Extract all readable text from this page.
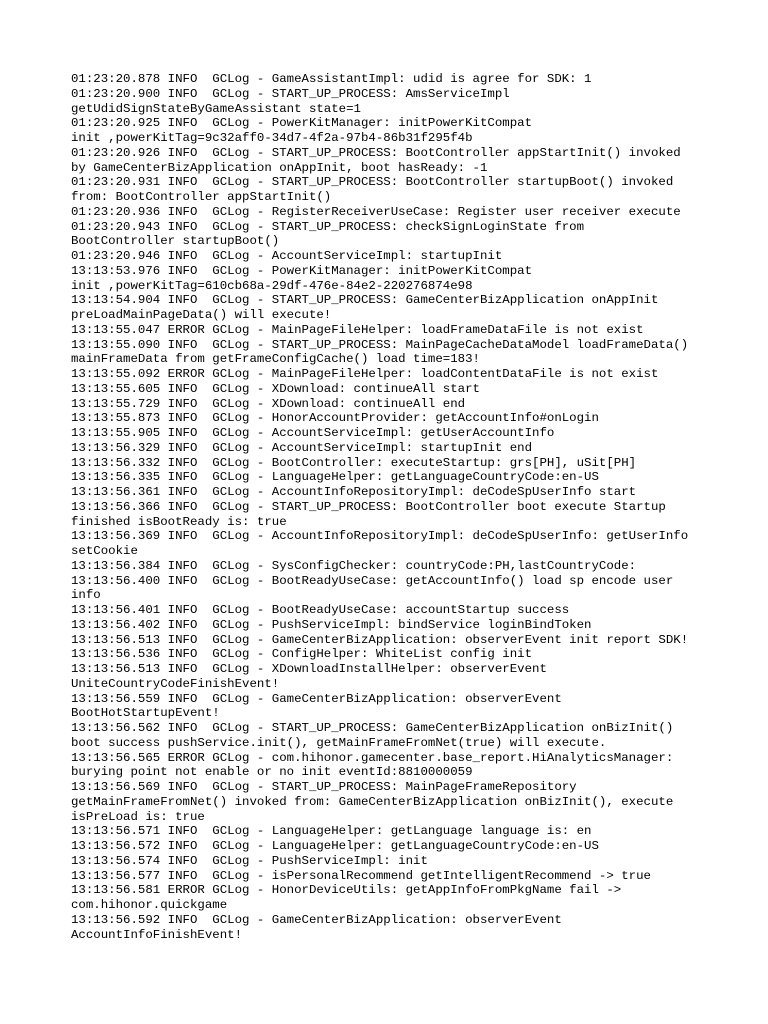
01:23:20.878 INFO  GCLog - GameAssistantImpl: udid is agree for SDK: 1
01:23:20.900 INFO  GCLog - START_UP_PROCESS: AmsServiceImpl
getUdidSignStateByGameAssistant state=1
01:23:20.925 INFO  GCLog - PowerKitManager: initPowerKitCompat
init ,powerKitTag=9c32aff0-34d7-4f2a-97b4-86b31f295f4b
01:23:20.926 INFO  GCLog - START_UP_PROCESS: BootController appStartInit() invoked
by GameCenterBizApplication onAppInit, boot hasReady: -1
01:23:20.931 INFO  GCLog - START_UP_PROCESS: BootController startupBoot() invoked
from: BootController appStartInit()
01:23:20.936 INFO  GCLog - RegisterReceiverUseCase: Register user receiver execute
01:23:20.943 INFO  GCLog - START_UP_PROCESS: checkSignLoginState from
BootController startupBoot()
01:23:20.946 INFO  GCLog - AccountServiceImpl: startupInit
13:13:53.976 INFO  GCLog - PowerKitManager: initPowerKitCompat
init ,powerKitTag=610cb68a-29df-476e-84e2-220276874e98
13:13:54.904 INFO  GCLog - START_UP_PROCESS: GameCenterBizApplication onAppInit
preLoadMainPageData() will execute!
13:13:55.047 ERROR GCLog - MainPageFileHelper: loadFrameDataFile is not exist
13:13:55.090 INFO  GCLog - START_UP_PROCESS: MainPageCacheDataModel loadFrameData()
mainFrameData from getFrameConfigCache() load time=183!
13:13:55.092 ERROR GCLog - MainPageFileHelper: loadContentDataFile is not exist
13:13:55.605 INFO  GCLog - XDownload: continueAll start
13:13:55.729 INFO  GCLog - XDownload: continueAll end
13:13:55.873 INFO  GCLog - HonorAccountProvider: getAccountInfo#onLogin
13:13:55.905 INFO  GCLog - AccountServiceImpl: getUserAccountInfo
13:13:56.329 INFO  GCLog - AccountServiceImpl: startupInit end
13:13:56.332 INFO  GCLog - BootController: executeStartup: grs[PH], uSit[PH]
13:13:56.335 INFO  GCLog - LanguageHelper: getLanguageCountryCode:en-US
13:13:56.361 INFO  GCLog - AccountInfoRepositoryImpl: deCodeSpUserInfo start
13:13:56.366 INFO  GCLog - START_UP_PROCESS: BootController boot execute Startup
finished isBootReady is: true
13:13:56.369 INFO  GCLog - AccountInfoRepositoryImpl: deCodeSpUserInfo: getUserInfo
setCookie
13:13:56.384 INFO  GCLog - SysConfigChecker: countryCode:PH,lastCountryCode:
13:13:56.400 INFO  GCLog - BootReadyUseCase: getAccountInfo() load sp encode user
info
13:13:56.401 INFO  GCLog - BootReadyUseCase: accountStartup success
13:13:56.402 INFO  GCLog - PushServiceImpl: bindService loginBindToken
13:13:56.513 INFO  GCLog - GameCenterBizApplication: observerEvent init report SDK!
13:13:56.536 INFO  GCLog - ConfigHelper: WhiteList config init
13:13:56.513 INFO  GCLog - XDownloadInstallHelper: observerEvent
UniteCountryCodeFinishEvent!
13:13:56.559 INFO  GCLog - GameCenterBizApplication: observerEvent
BootHotStartupEvent!
13:13:56.562 INFO  GCLog - START_UP_PROCESS: GameCenterBizApplication onBizInit()
boot success pushService.init(), getMainFrameFromNet(true) will execute.
13:13:56.565 ERROR GCLog - com.hihonor.gamecenter.base_report.HiAnalyticsManager:
burying point not enable or no init eventId:8810000059
13:13:56.569 INFO  GCLog - START_UP_PROCESS: MainPageFrameRepository
getMainFrameFromNet() invoked from: GameCenterBizApplication onBizInit(), execute
isPreLoad is: true
13:13:56.571 INFO  GCLog - LanguageHelper: getLanguage language is: en
13:13:56.572 INFO  GCLog - LanguageHelper: getLanguageCountryCode:en-US
13:13:56.574 INFO  GCLog - PushServiceImpl: init
13:13:56.577 INFO  GCLog - isPersonalRecommend getIntelligentRecommend -> true
13:13:56.581 ERROR GCLog - HonorDeviceUtils: getAppInfoFromPkgName fail ->
com.hihonor.quickgame
13:13:56.592 INFO  GCLog - GameCenterBizApplication: observerEvent
AccountInfoFinishEvent!
